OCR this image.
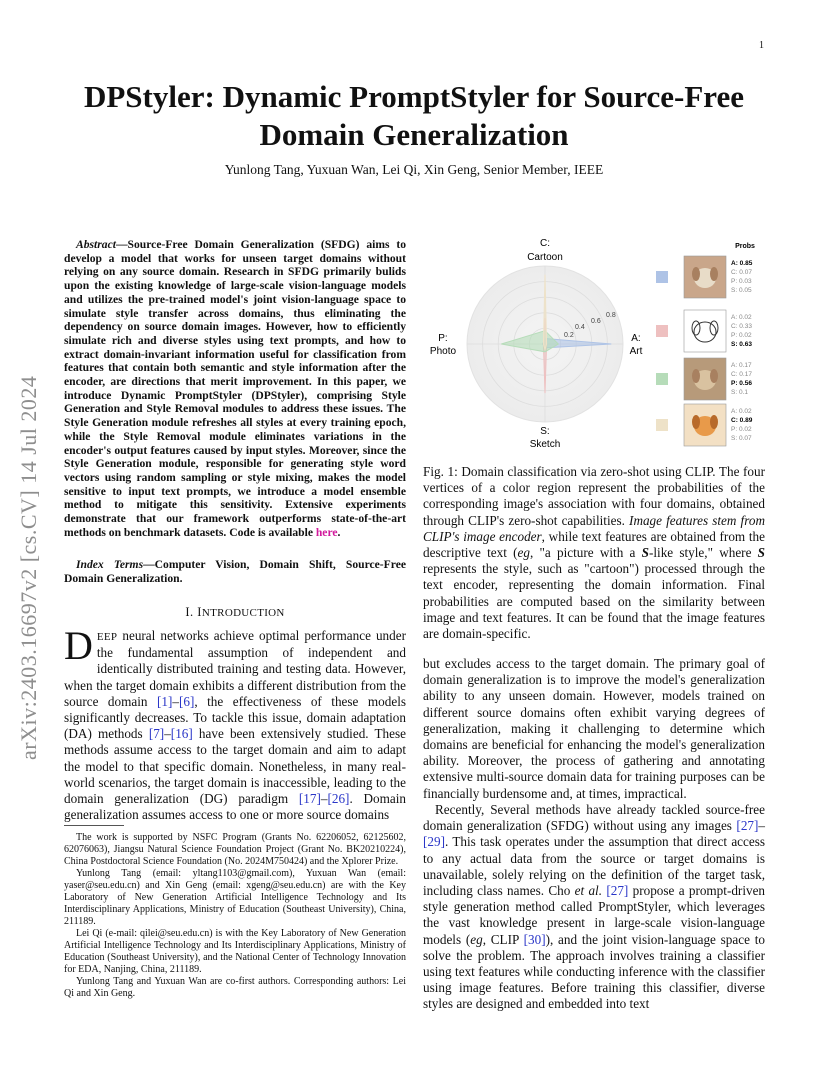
1
arXiv:2403.16697v2 [cs.CV] 14 Jul 2024
DPStyler: Dynamic PromptStyler for Source-Free
Domain Generalization
Yunlong Tang, Yuxuan Wan, Lei Qi, Xin Geng, Senior Member, IEEE
Abstract—Source-Free Domain Generalization (SFDG) aims to develop a model that works for unseen target domains without relying on any source domain. Research in SFDG primarily bulids upon the existing knowledge of large-scale vision-language models and utilizes the pre-trained model's joint vision-language space to simulate style transfer across domains, thus eliminating the dependency on source domain images. However, how to efficiently simulate rich and diverse styles using text prompts, and how to extract domain-invariant information useful for classification from features that contain both semantic and style information after the encoder, are directions that merit improvement. In this paper, we introduce Dynamic PromptStyler (DPStyler), comprising Style Generation and Style Removal modules to address these issues. The Style Generation module refreshes all styles at every training epoch, while the Style Removal module eliminates variations in the encoder's output features caused by input styles. Moreover, since the Style Generation module, responsible for generating style word vectors using random sampling or style mixing, makes the model sensitive to input text prompts, we introduce a model ensemble method to mitigate this sensitivity. Extensive experiments demonstrate that our framework outperforms state-of-the-art methods on benchmark datasets. Code is available here.
Index Terms—Computer Vision, Domain Shift, Source-Free Domain Generalization.
I. INTRODUCTION
DEEP neural networks achieve optimal performance under the fundamental assumption of independent and identically distributed training and testing data. However, when the target domain exhibits a different distribution from the source domain [1]–[6], the effectiveness of these models significantly decreases. To tackle this issue, domain adaptation (DA) methods [7]–[16] have been extensively studied. These methods assume access to the target domain and aim to adapt the model to that specific domain. Nonetheless, in many real-world scenarios, the target domain is inaccessible, leading to the domain generalization (DG) paradigm [17]–[26]. Domain generalization assumes access to one or more source domains

The work is supported by NSFC Program (Grants No. 62206052, 62125602, 62076063), Jiangsu Natural Science Foundation Project (Grant No. BK20210224), China Postdoctoral Science Foundation (No. 2024M750424) and the Xplorer Prize.

Yunlong Tang (email: yltang1103@gmail.com), Yuxuan Wan (email: yaser@seu.edu.cn) and Xin Geng (email: xgeng@seu.edu.cn) are with the Key Laboratory of New Generation Artificial Intelligence Technology and Its Interdisciplinary Applications, Ministry of Education (Southeast University), China, 211189.

Lei Qi (e-mail: qilei@seu.edu.cn) is with the Key Laboratory of New Generation Artificial Intelligence Technology and Its Interdisciplinary Applications, Ministry of Education (Southeast University), and the National Center of Technology Innovation for EDA, Nanjing, China, 211189.

Yunlong Tang and Yuxuan Wan are co-first authors. Corresponding authors: Lei Qi and Xin Geng.

C:
Cartoon
A:
Art
S:
Sketch
P:
Photo
0.2
0.4
0.6
0.8
Probs
A: 0.85
C: 0.07
P: 0.03
S: 0.05
A: 0.02
C: 0.33
P: 0.02
S: 0.63
A: 0.17
C: 0.17
P: 0.56
S: 0.1
A: 0.02
C: 0.89
P: 0.02
S: 0.07
Fig. 1: Domain classification via zero-shot using CLIP. The four vertices of a color region represent the probabilities of the corresponding image's association with four domains, obtained through CLIP's zero-shot capabilities. Image features stem from CLIP's image encoder, while text features are obtained from the descriptive text (eg, "a picture with a S-like style," where S represents the style, such as "cartoon") processed through the text encoder, representing the domain information. Final probabilities are computed based on the similarity between image and text features. It can be found that the image features are domain-specific.

but excludes access to the target domain. The primary goal of domain generalization is to improve the model's generalization ability to any unseen domain. However, models trained on different source domains often exhibit varying degrees of generalization, making it challenging to determine which domains are beneficial for enhancing the model's generalization ability. Moreover, the process of gathering and annotating extensive multi-source domain data for training purposes can be financially burdensome and, at times, impractical.

Recently, Several methods have already tackled source-free domain generalization (SFDG) without using any images [27]–[29]. This task operates under the assumption that direct access to any actual data from the source or target domains is unavailable, solely relying on the definition of the target task, including class names. Cho et al. [27] propose a prompt-driven style generation method called PromptStyler, which leverages the vast knowledge present in large-scale vision-language models (eg, CLIP [30]), and the joint vision-language space to solve the problem. The approach involves training a classifier using text features while conducting inference with the classifier using image features. Before training this classifier, diverse styles are designed and embedded into text
